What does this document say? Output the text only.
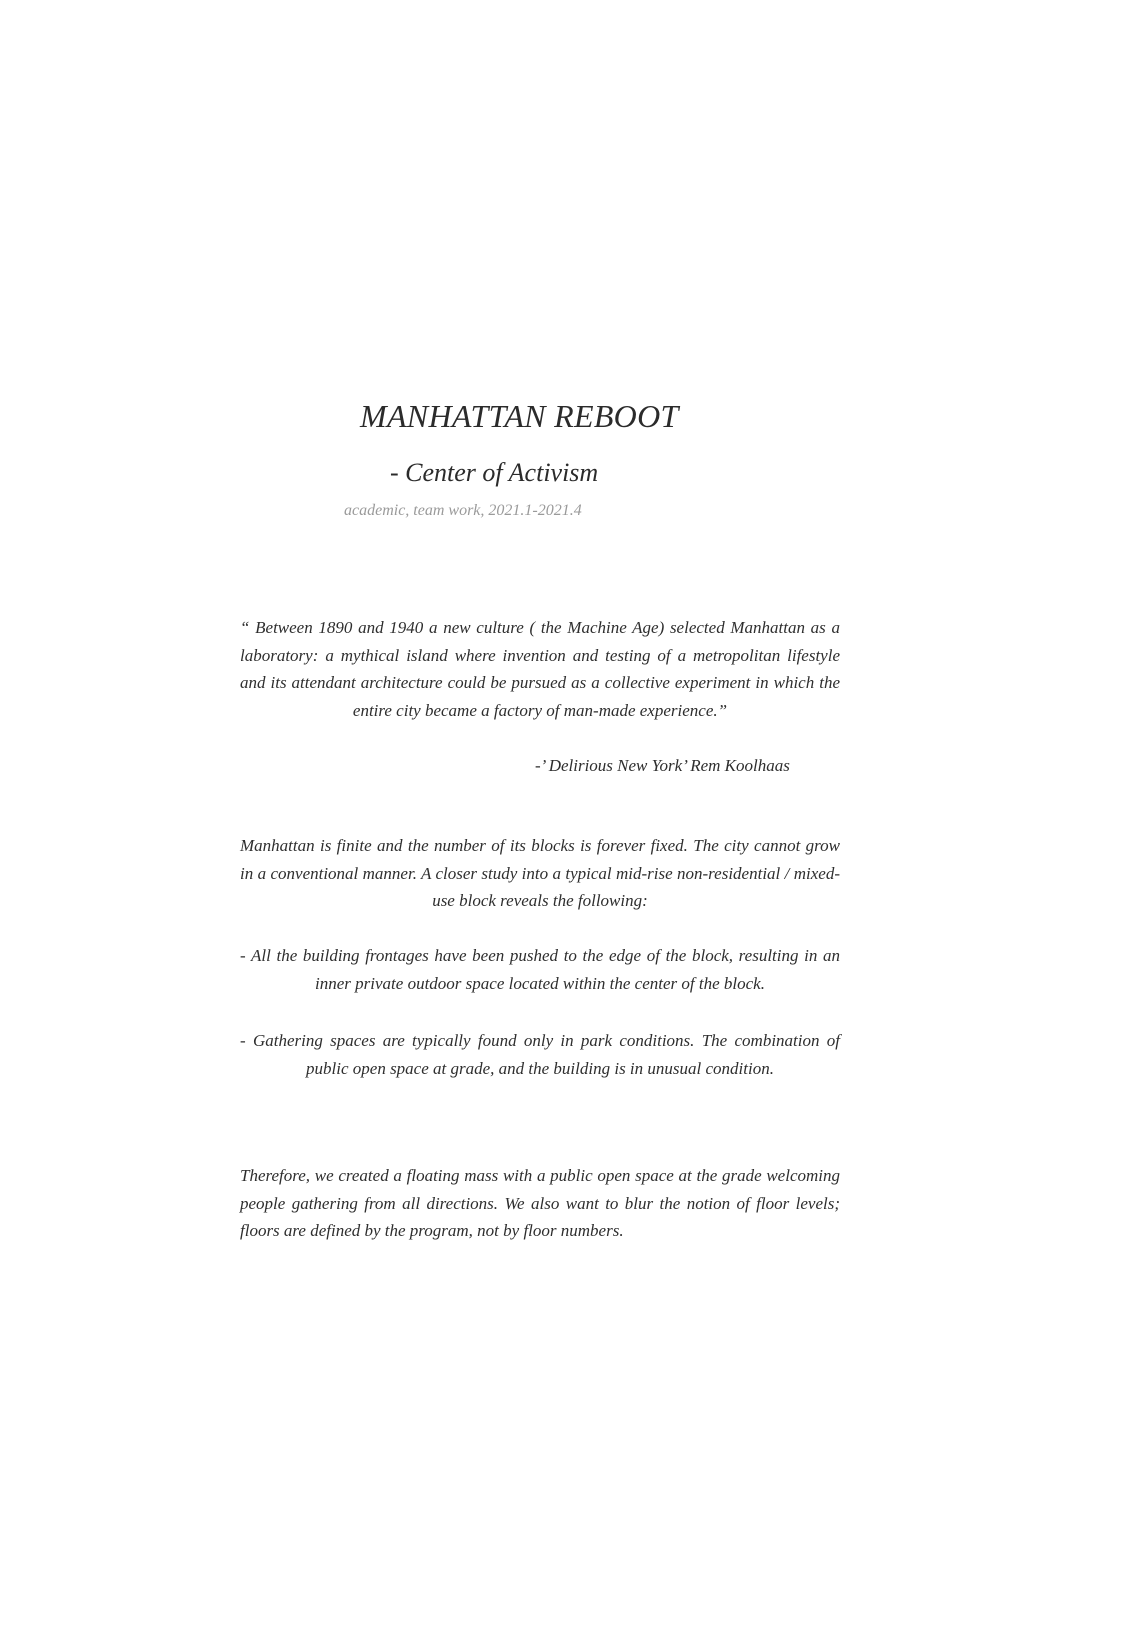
MANHATTAN REBOOT
- Center of Activism

academic, team work, 2021.1-2021.4

“ Between 1890 and 1940 a new culture ( the Machine Age) selected Manhattan as a laboratory: a mythical island where invention and testing of a metropolitan lifestyle and its attendant architecture could be pursued as a collective experiment in which the entire city became a factory of man-made experience.”

-’ Delirious New York’ Rem Koolhaas

Manhattan is finite and the number of its blocks is forever fixed. The city cannot grow in a conventional manner. A closer study into a typical mid-rise non-residential / mixed-use block reveals the following:

- All the building frontages have been pushed to the edge of the block, resulting in an inner private outdoor space located within the center of the block.

- Gathering spaces are typically found only in park conditions. The combination of public open space at grade, and the building is in unusual condition.

Therefore, we created a floating mass with a public open space at the grade welcoming people gathering from all directions. We also want to blur the notion of floor levels; floors are defined by the program, not by floor numbers.
